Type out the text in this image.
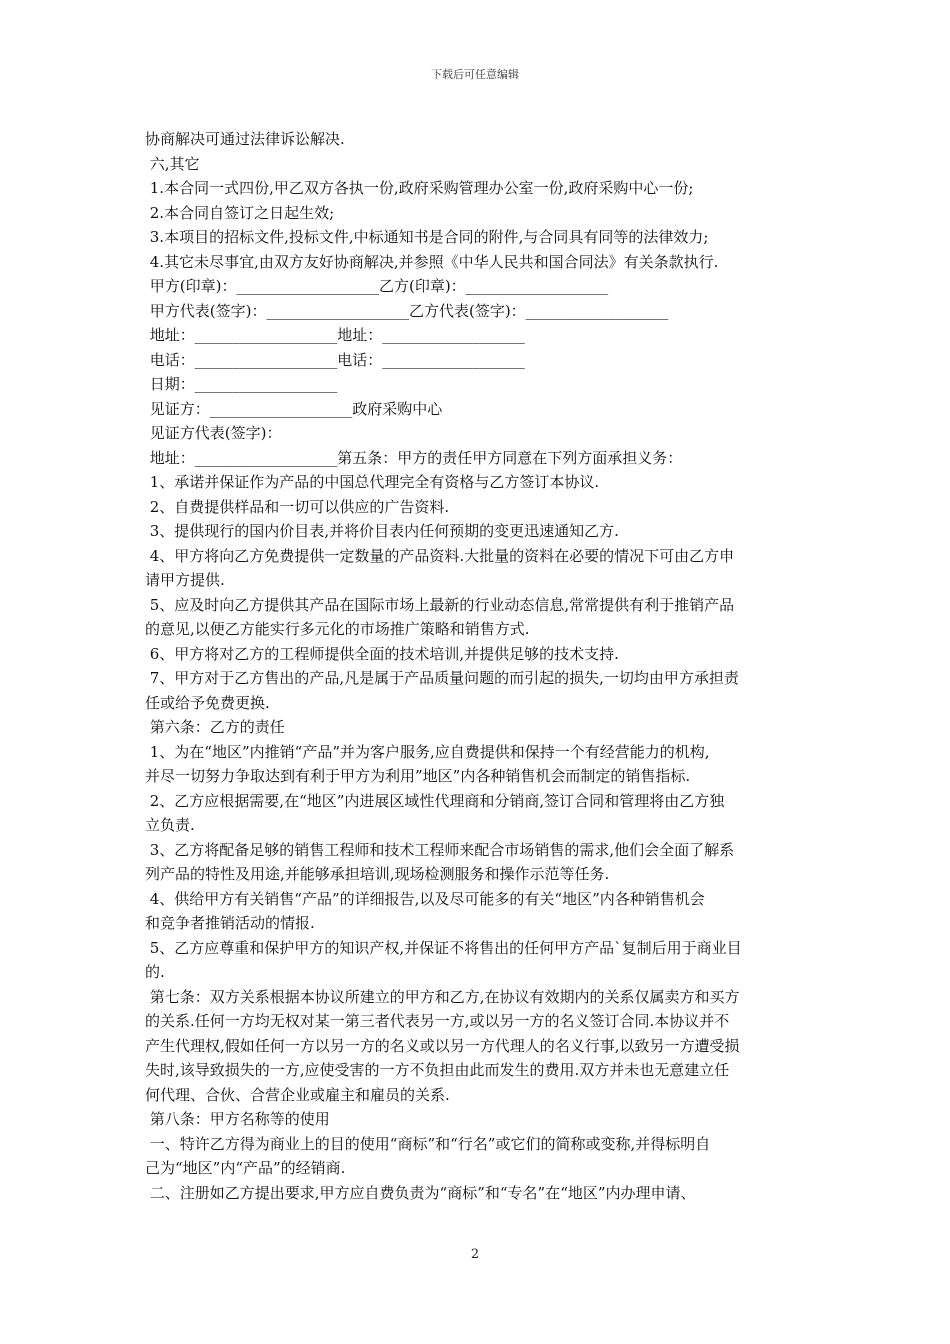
下载后可任意编辑

协商解决可通过法律诉讼解决.

六,其它

1.本合同一式四份,甲乙双方各执一份,政府采购管理办公室一份,政府采购中心一份;

2.本合同自签订之日起生效;

3.本项目的招标文件,投标文件,中标通知书是合同的附件,与合同具有同等的法律效力;

4.其它未尽事宜,由双方友好协商解决,并参照《中华人民共和国合同法》有关条款执行.

甲方(印章)：___________________乙方(印章)：___________________

甲方代表(签字)：___________________乙方代表(签字)：___________________

地址：___________________地址：___________________

电话：___________________电话：___________________

日期：___________________

见证方：___________________政府采购中心

见证方代表(签字)：

地址：___________________第五条：甲方的责任甲方同意在下列方面承担义务：

1、承诺并保证作为产品的中国总代理完全有资格与乙方签订本协议.

2、自费提供样品和一切可以供应的广告资料.

3、提供现行的国内价目表,并将价目表内任何预期的变更迅速通知乙方.

4、甲方将向乙方免费提供一定数量的产品资料.大批量的资料在必要的情况下可由乙方申

请甲方提供.

5、应及时向乙方提供其产品在国际市场上最新的行业动态信息,常常提供有利于推销产品

的意见,以便乙方能实行多元化的市场推广策略和销售方式.

6、甲方将对乙方的工程师提供全面的技术培训,并提供足够的技术支持.

7、甲方对于乙方售出的产品,凡是属于产品质量问题的而引起的损失,一切均由甲方承担责

任或给予免费更换.

第六条：乙方的责任

1、为在“地区”内推销“产品”并为客户服务,应自费提供和保持一个有经营能力的机构,

并尽一切努力争取达到有利于甲方为利用”地区”内各种销售机会而制定的销售指标.

2、乙方应根据需要,在“地区”内进展区域性代理商和分销商,签订合同和管理将由乙方独

立负责.

3、乙方将配备足够的销售工程师和技术工程师来配合市场销售的需求,他们会全面了解系

列产品的特性及用途,并能够承担培训,现场检测服务和操作示范等任务.

4、供给甲方有关销售“产品”的详细报告,以及尽可能多的有关“地区”内各种销售机会

和竞争者推销活动的情报.

5、乙方应尊重和保护甲方的知识产权,并保证不将售出的任何甲方产品`复制后用于商业目

的.

第七条：双方关系根据本协议所建立的甲方和乙方,在协议有效期内的关系仅属卖方和买方

的关系.任何一方均无权对某一第三者代表另一方,或以另一方的名义签订合同.本协议并不

产生代理权,假如任何一方以另一方的名义或以另一方代理人的名义行事,以致另一方遭受损

失时,该导致损失的一方,应使受害的一方不负担由此而发生的费用.双方并未也无意建立任

何代理、合伙、合营企业或雇主和雇员的关系.

第八条：甲方名称等的使用

一、特许乙方得为商业上的目的使用“商标”和“行名”或它们的简称或变称,并得标明自

己为“地区”内“产品”的经销商.

二、注册如乙方提出要求,甲方应自费负责为“商标”和“专名”在“地区”内办理申请、

2
